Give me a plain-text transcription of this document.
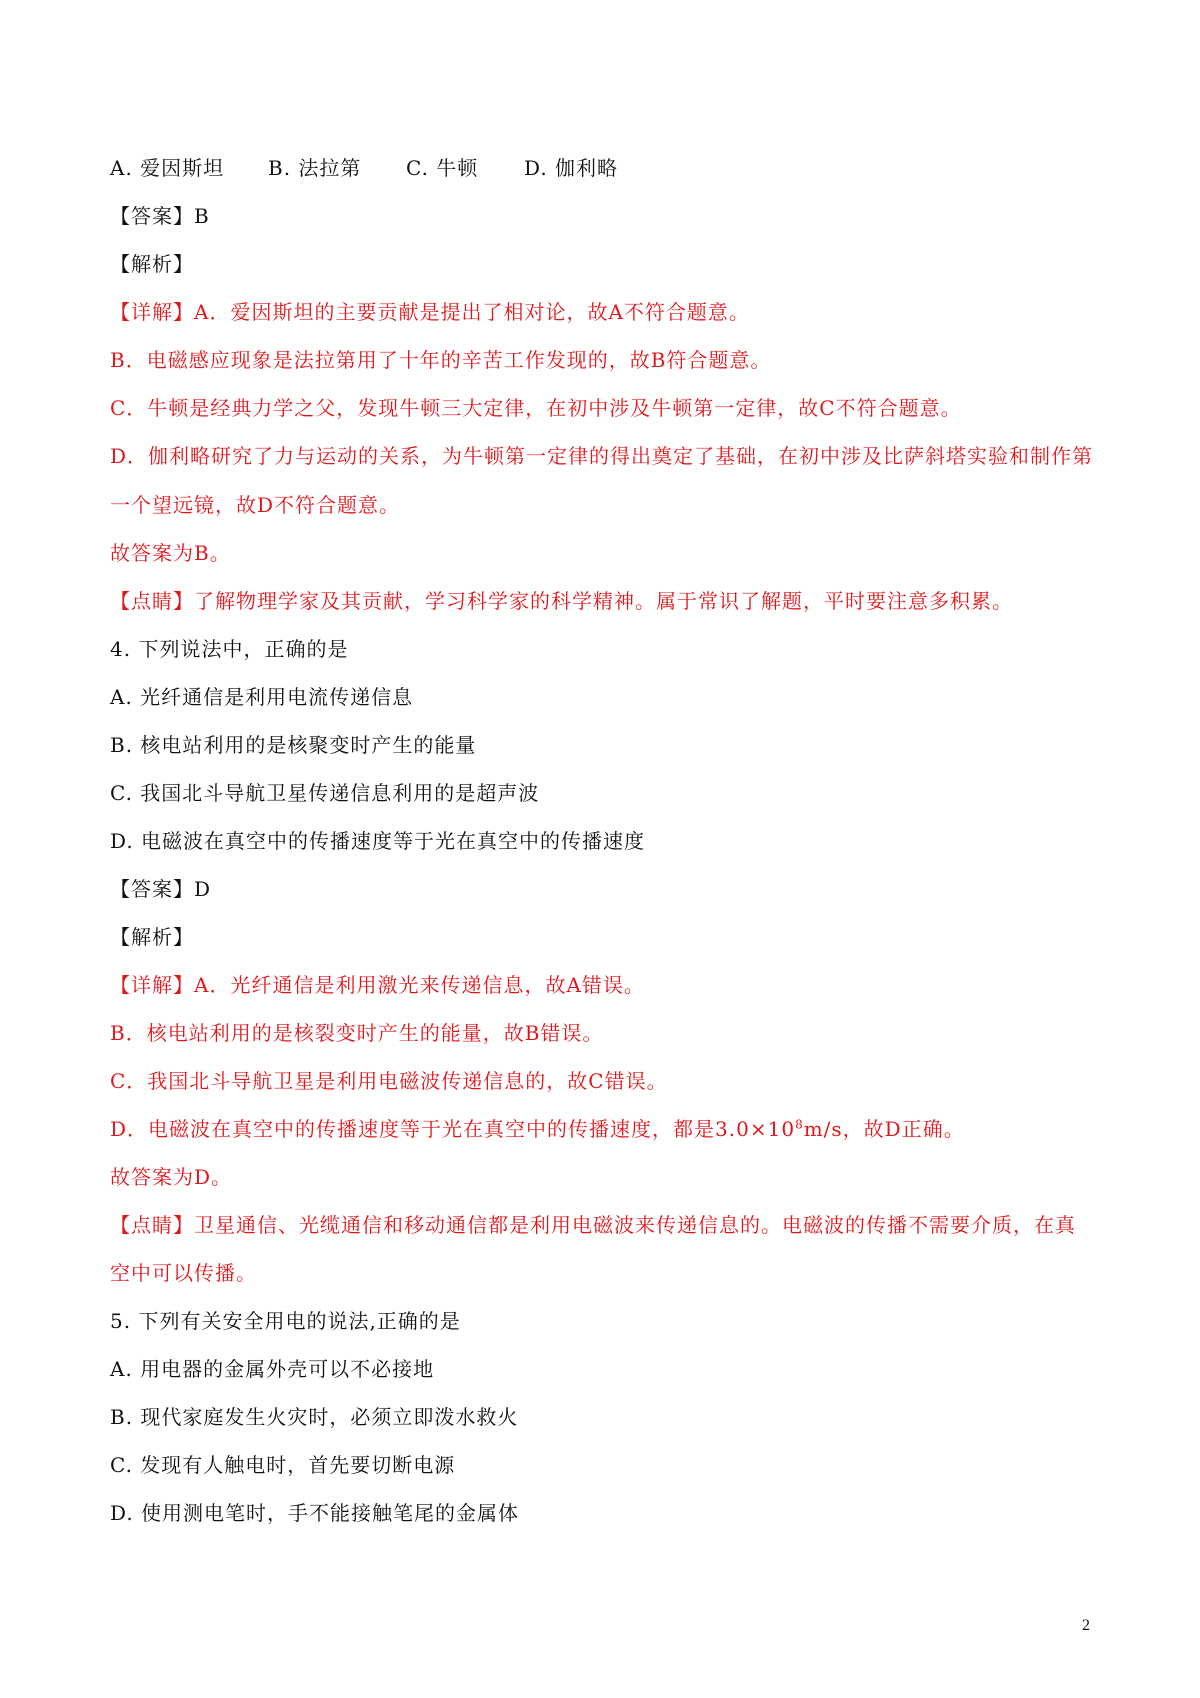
A. 爱因斯坦 B. 法拉第 C. 牛顿 D. 伽利略
【答案】B
【解析】
【详解】A．爱因斯坦的主要贡献是提出了相对论，故A不符合题意。
B．电磁感应现象是法拉第用了十年的辛苦工作发现的，故B符合题意。
C．牛顿是经典力学之父，发现牛顿三大定律，在初中涉及牛顿第一定律，故C不符合题意。
D．伽利略研究了力与运动的关系，为牛顿第一定律的得出奠定了基础，在初中涉及比萨斜塔实验和制作第
一个望远镜，故D不符合题意。
故答案为B。
【点睛】了解物理学家及其贡献，学习科学家的科学精神。属于常识了解题，平时要注意多积累。
4. 下列说法中，正确的是
A. 光纤通信是利用电流传递信息
B. 核电站利用的是核聚变时产生的能量
C. 我国北斗导航卫星传递信息利用的是超声波
D. 电磁波在真空中的传播速度等于光在真空中的传播速度
【答案】D
【解析】
【详解】A．光纤通信是利用激光来传递信息，故A错误。
B．核电站利用的是核裂变时产生的能量，故B错误。
C．我国北斗导航卫星是利用电磁波传递信息的，故C错误。
D．电磁波在真空中的传播速度等于光在真空中的传播速度，都是$3.0\times 10^8m/s$，故D正确。
故答案为D。
【点睛】卫星通信、光缆通信和移动通信都是利用电磁波来传递信息的。电磁波的传播不需要介质，在真
空中可以传播。
5. 下列有关安全用电的说法,正确的是
A. 用电器的金属外壳可以不必接地
B. 现代家庭发生火灾时，必须立即泼水救火
C. 发现有人触电时，首先要切断电源
D. 使用测电笔时，手不能接触笔尾的金属体
2
